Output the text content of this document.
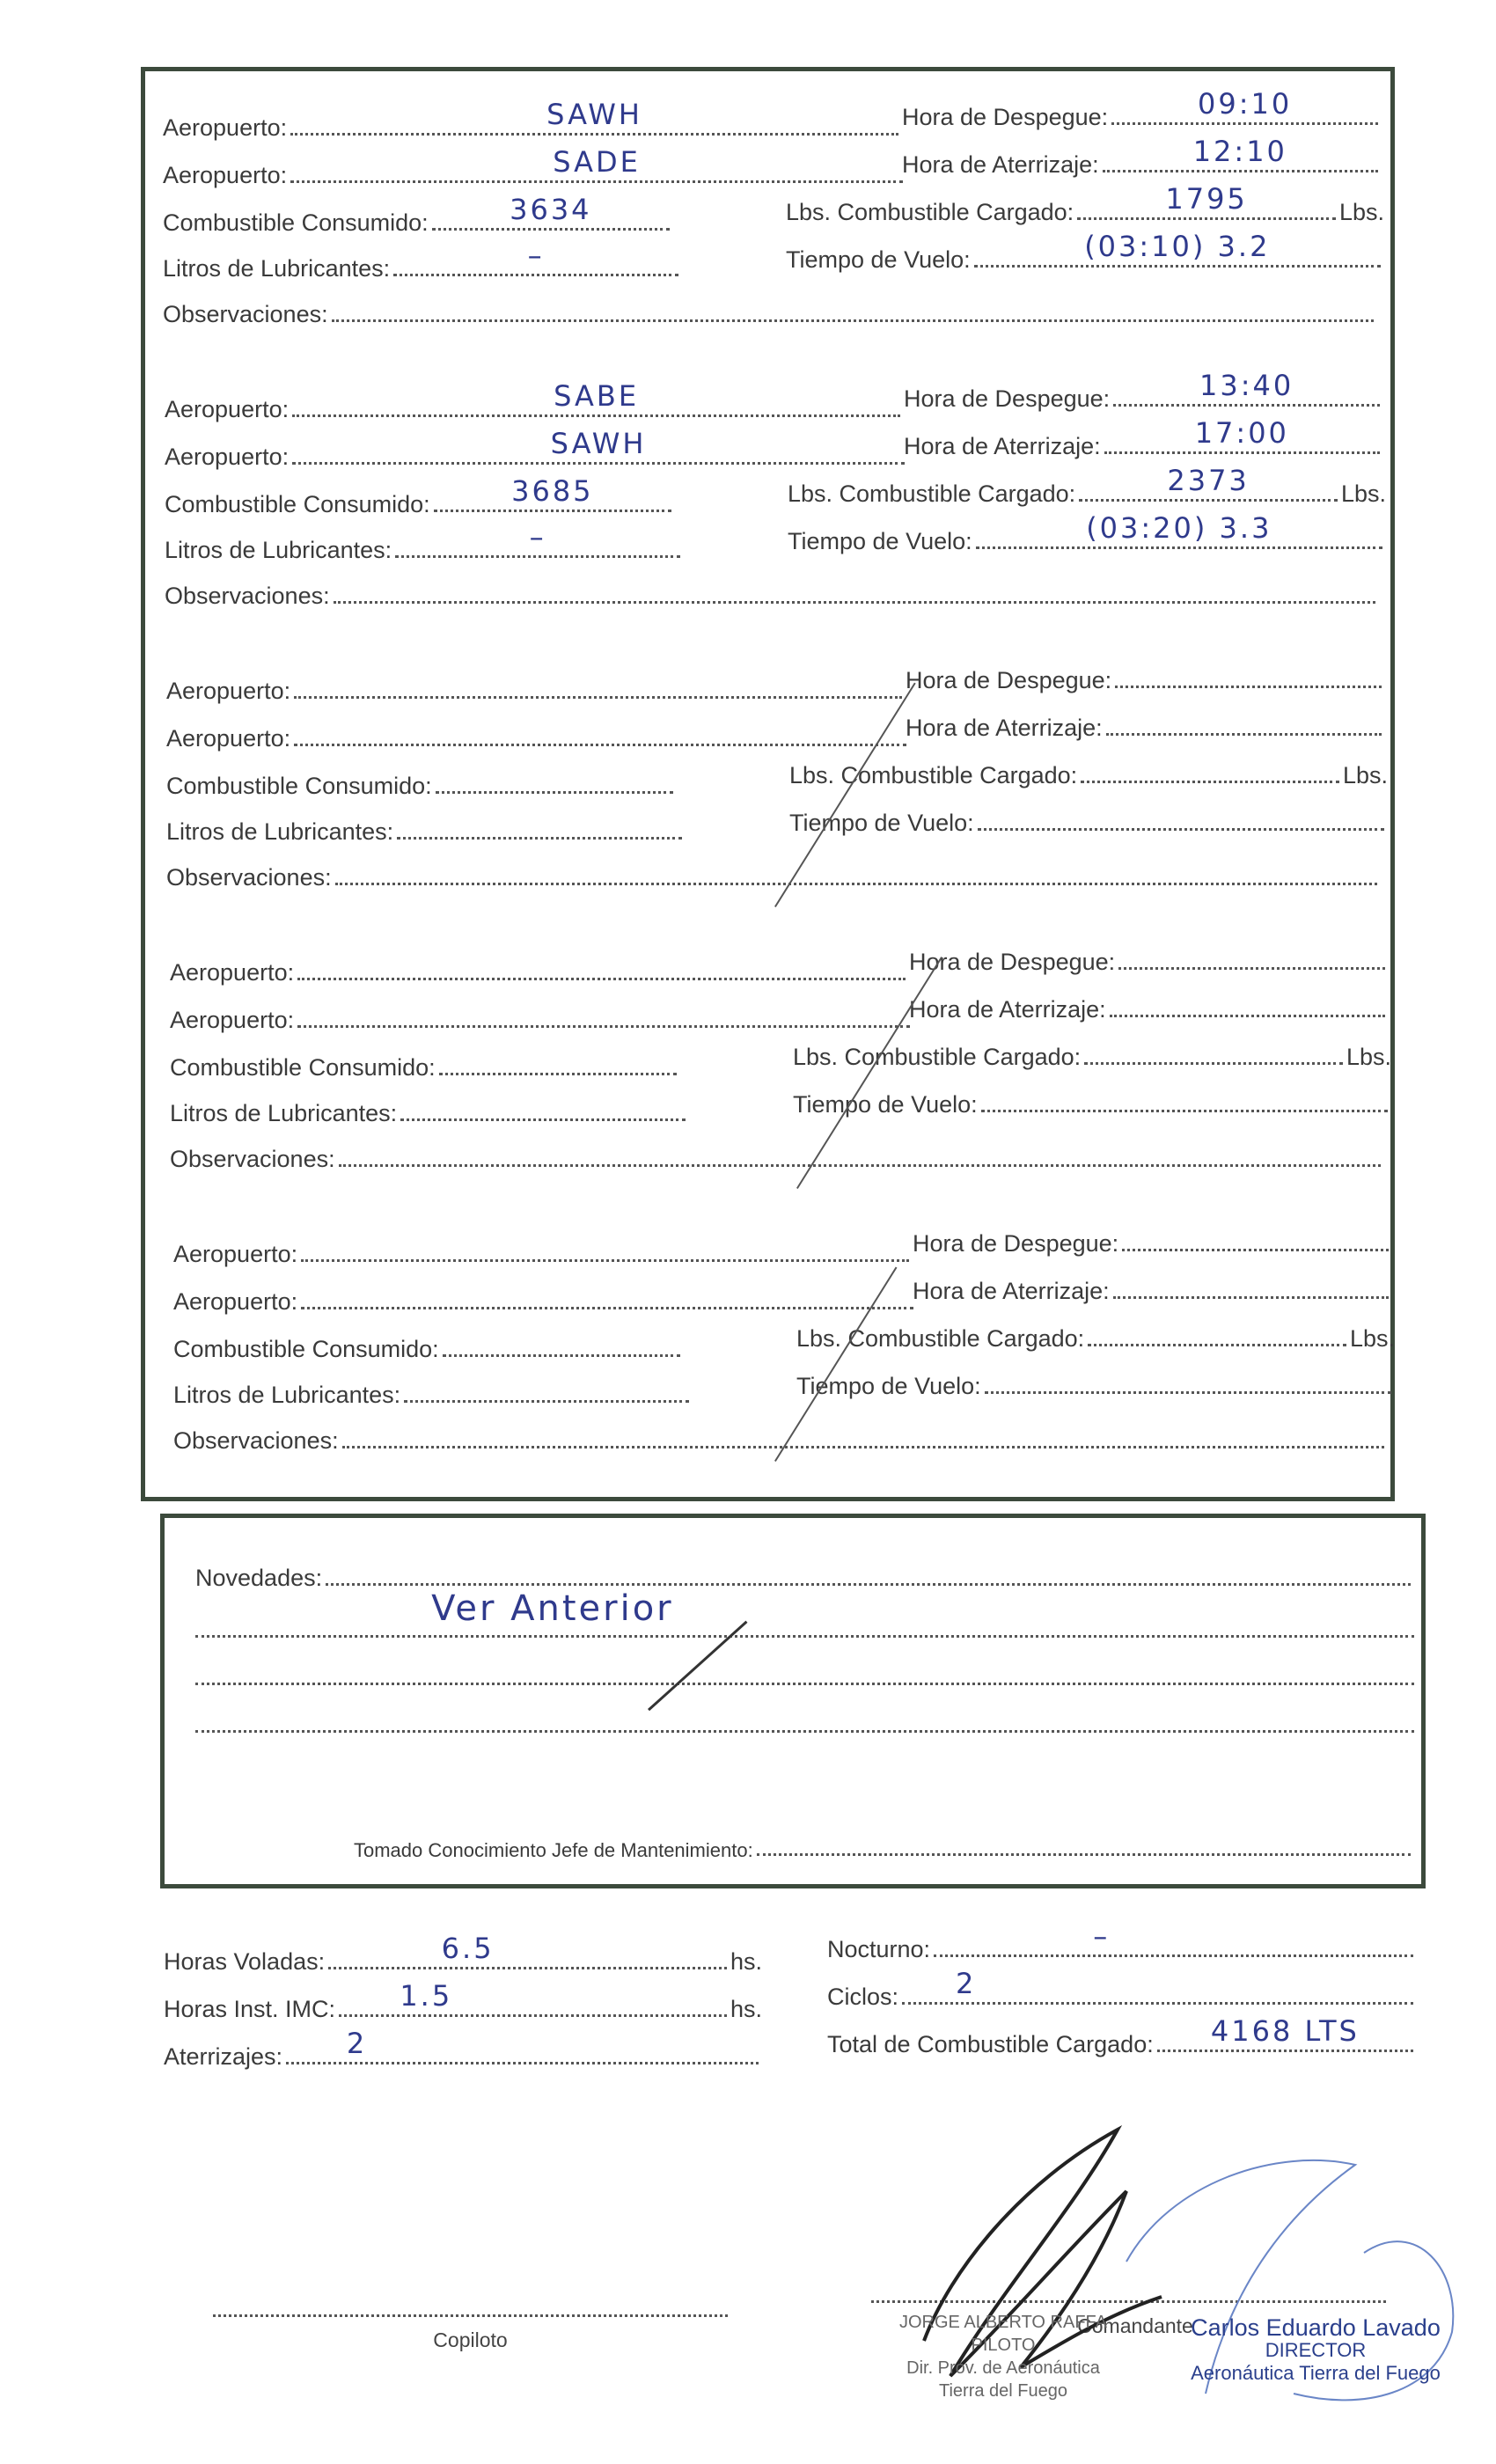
Aeropuerto:	SAWH
Aeropuerto:	SADE
Combustible Consumido:	3634
Litros de Lubricantes:	–
Observaciones:
Hora de Despegue:	09:10
Hora de Aterrizaje:	12:10
Lbs. Combustible Cargado:	1795	Lbs.
Tiempo de Vuelo:	(03:10) 3.2
Aeropuerto:	SABE
Aeropuerto:	SAWH
Combustible Consumido:	3685
Litros de Lubricantes:	–
Observaciones:
Hora de Despegue:	13:40
Hora de Aterrizaje:	17:00
Lbs. Combustible Cargado:	2373	Lbs.
Tiempo de Vuelo:	(03:20) 3.3
Aeropuerto:
Aeropuerto:
Combustible Consumido:
Litros de Lubricantes:
Observaciones:
Hora de Despegue:
Hora de Aterrizaje:
Lbs. Combustible Cargado:	Lbs.
Tiempo de Vuelo:
Aeropuerto:
Aeropuerto:
Combustible Consumido:
Litros de Lubricantes:
Observaciones:
Hora de Despegue:
Hora de Aterrizaje:
Lbs. Combustible Cargado:	Lbs.
Tiempo de Vuelo:
Aeropuerto:
Aeropuerto:
Combustible Consumido:
Litros de Lubricantes:
Observaciones:
Hora de Despegue:
Hora de Aterrizaje:
Lbs. Combustible Cargado:	Lbs.
Tiempo de Vuelo:
Novedades:
Ver Anterior
Tomado Conocimiento Jefe de Mantenimiento:
Horas Voladas:	6.5	hs.
Horas Inst. IMC:	1.5	hs.
Aterrizajes:	2
Nocturno:	–
Ciclos:	2
Total de Combustible Cargado:	4168 LTS
Copiloto
Comandante
JORGE ALBERTO RAFFA
PILOTO
Dir. Prov. de Aeronáutica
Tierra del Fuego
Carlos Eduardo Lavado
DIRECTOR
Aeronáutica Tierra del Fuego
